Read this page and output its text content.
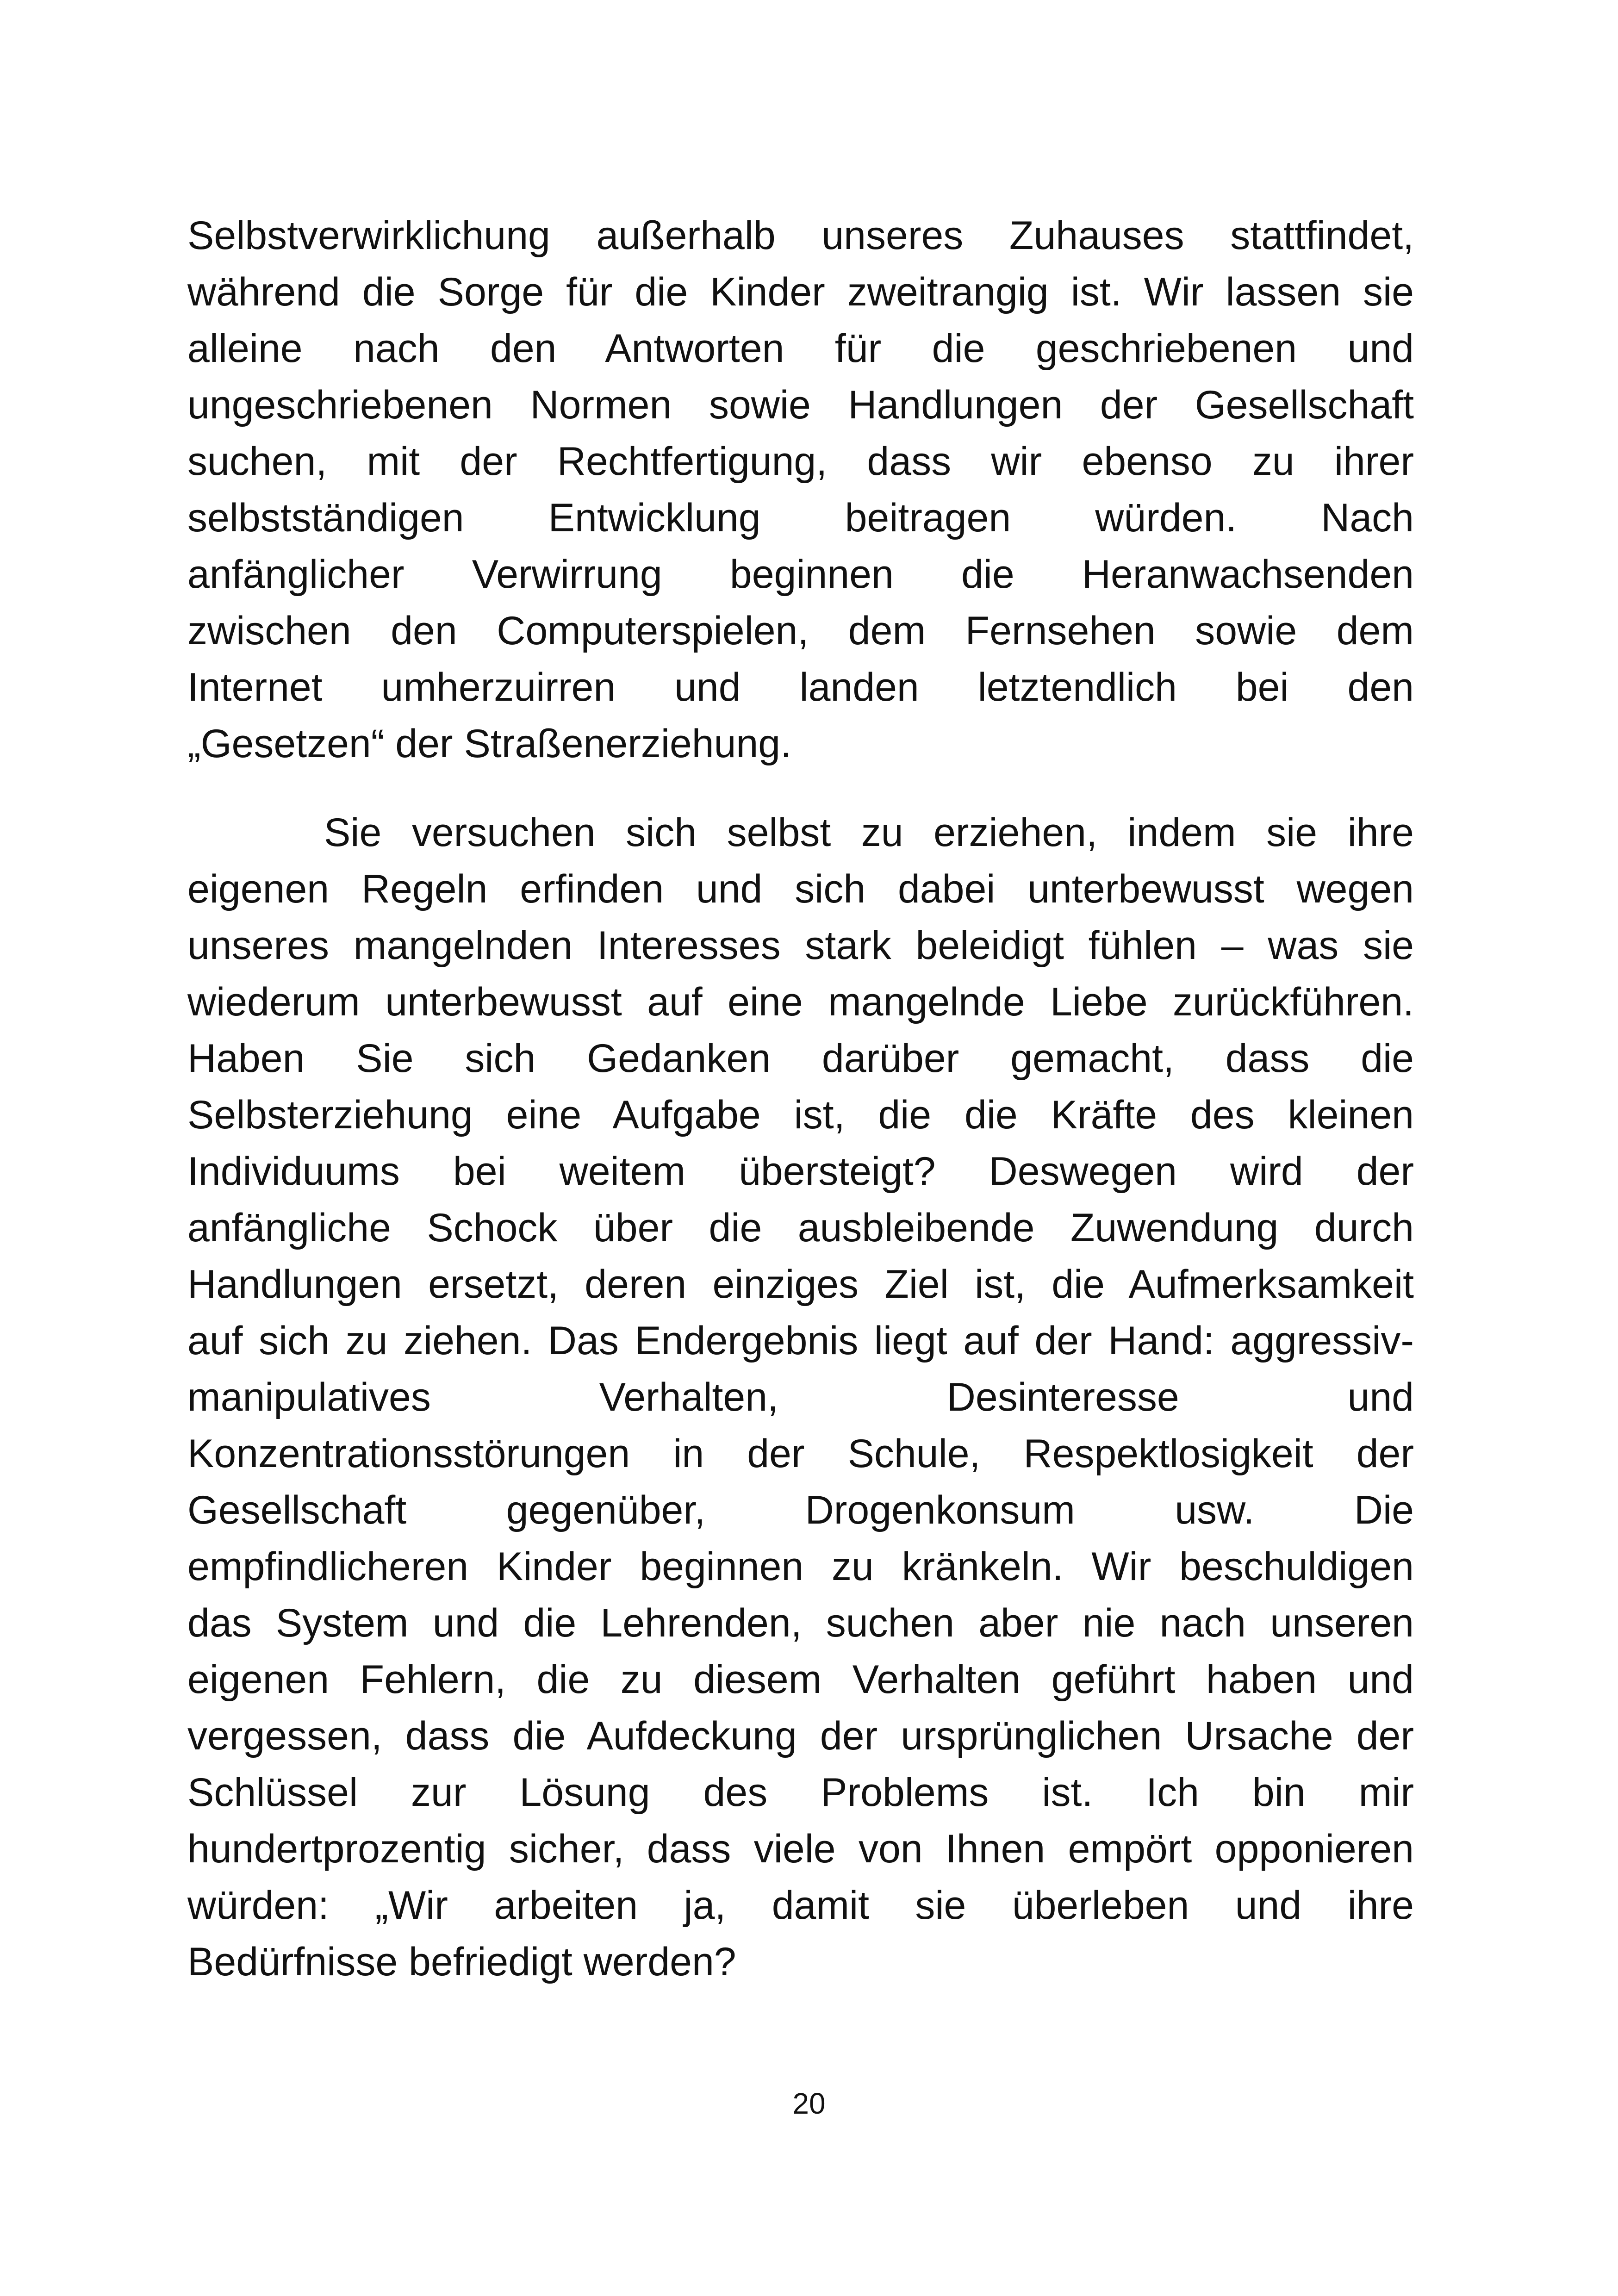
Selbstverwirklichung außerhalb unseres Zuhauses stattfindet,
während die Sorge für die Kinder zweitrangig ist. Wir lassen sie
alleine nach den Antworten für die geschriebenen und
ungeschriebenen Normen sowie Handlungen der Gesellschaft
suchen, mit der Rechtfertigung, dass wir ebenso zu ihrer
selbstständigen Entwicklung beitragen würden. Nach
anfänglicher Verwirrung beginnen die Heranwachsenden
zwischen den Computerspielen, dem Fernsehen sowie dem
Internet umherzuirren und landen letztendlich bei den
„Gesetzen“ der Straßenerziehung.
Sie versuchen sich selbst zu erziehen, indem sie ihre
eigenen Regeln erfinden und sich dabei unterbewusst wegen
unseres mangelnden Interesses stark beleidigt fühlen – was sie
wiederum unterbewusst auf eine mangelnde Liebe zurückführen.
Haben Sie sich Gedanken darüber gemacht, dass die
Selbsterziehung eine Aufgabe ist, die die Kräfte des kleinen
Individuums bei weitem übersteigt? Deswegen wird der
anfängliche Schock über die ausbleibende Zuwendung durch
Handlungen ersetzt, deren einziges Ziel ist, die Aufmerksamkeit
auf sich zu ziehen. Das Endergebnis liegt auf der Hand: aggressiv-
manipulatives Verhalten, Desinteresse und
Konzentrationsstörungen in der Schule, Respektlosigkeit der
Gesellschaft gegenüber, Drogenkonsum usw. Die
empfindlicheren Kinder beginnen zu kränkeln. Wir beschuldigen
das System und die Lehrenden, suchen aber nie nach unseren
eigenen Fehlern, die zu diesem Verhalten geführt haben und
vergessen, dass die Aufdeckung der ursprünglichen Ursache der
Schlüssel zur Lösung des Problems ist. Ich bin mir
hundertprozentig sicher, dass viele von Ihnen empört opponieren
würden: „Wir arbeiten ja, damit sie überleben und ihre
Bedürfnisse befriedigt werden?
20
